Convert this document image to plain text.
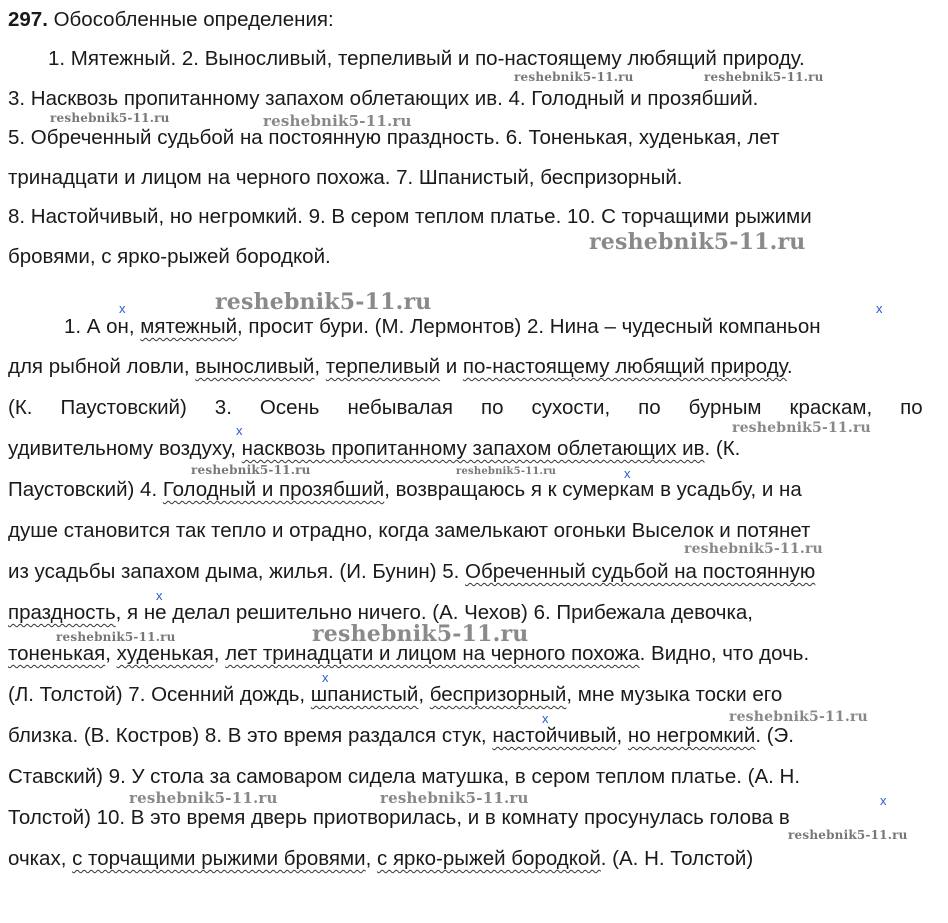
297. Обособленные определения:
1. Мятежный. 2. Выносливый, терпеливый и по-настоящему любящий природу.
3. Насквозь пропитанному запахом облетающих ив. 4. Голодный и прозябший.
5. Обреченный судьбой на постоянную праздность. 6. Тоненькая, худенькая, лет
тринадцати и лицом на черного похожа. 7. Шпанистый, беспризорный.
8. Настойчивый, но негромкий. 9. В сером теплом платье. 10. С торчащими рыжими
бровями, с ярко-рыжей бородкой.
1. А он, мятежный, просит бури. (М. Лермонтов) 2. Нина – чудесный компаньон
для рыбной ловли, выносливый, терпеливый и по-настоящему любящий природу.
(К. Паустовский) 3. Осень небывалая по сухости, по бурным краскам, по
удивительному воздуху, насквозь пропитанному запахом облетающих ив. (К.
Паустовский) 4. Голодный и прозябший, возвращаюсь я к сумеркам в усадьбу, и на
душе становится так тепло и отрадно, когда замелькают огоньки Выселок и потянет
из усадьбы запахом дыма, жилья. (И. Бунин) 5. Обреченный судьбой на постоянную
праздность, я не делал решительно ничего. (А. Чехов) 6. Прибежала девочка,
тоненькая, худенькая, лет тринадцати и лицом на черного похожа. Видно, что дочь.
(Л. Толстой) 7. Осенний дождь, шпанистый, беспризорный, мне музыка тоски его
близка. (В. Костров) 8. В это время раздался стук, настойчивый, но негромкий. (Э.
Ставский) 9. У стола за самоваром сидела матушка, в сером теплом платье. (А. Н.
Толстой) 10. В это время дверь приотворилась, и в комнату просунулась голова в
очках, с торчащими рыжими бровями, с ярко-рыжей бородкой. (А. Н. Толстой)
x	x
x
x
x
x
x
x
reshebnik5-11.ru	reshebnik5-11.ru
reshebnik5-11.ru	reshebnik5-11.ru
reshebnik5-11.ru
reshebnik5-11.ru
reshebnik5-11.ru
reshebnik5-11.ru	reshebnik5-11.ru
reshebnik5-11.ru
reshebnik5-11.ru	reshebnik5-11.ru
reshebnik5-11.ru
reshebnik5-11.ru	reshebnik5-11.ru
reshebnik5-11.ru
